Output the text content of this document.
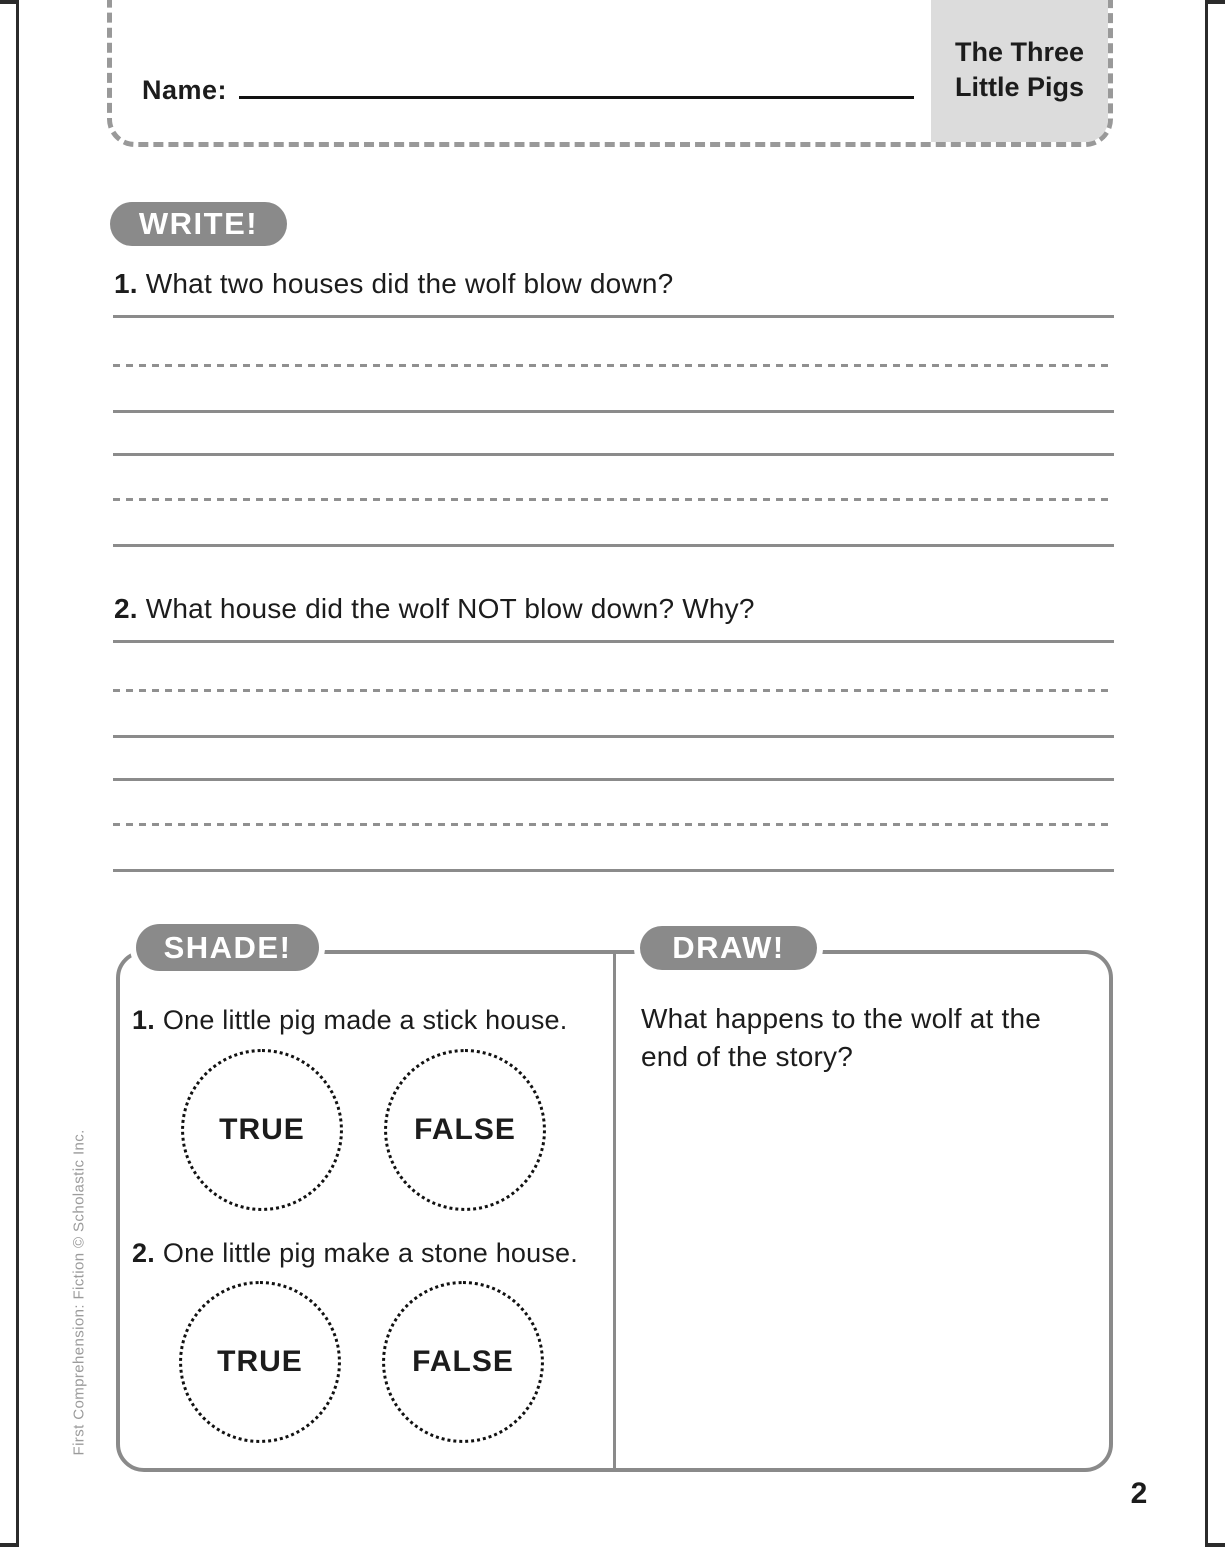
Name:
The Three
Little Pigs
WRITE!
1. What two houses did the wolf blow down?
2. What house did the wolf NOT blow down? Why?
SHADE!	DRAW!
1. One little pig made a stick house.
TRUE	FALSE
2. One little pig make a stone house.
TRUE	FALSE
What happens to the wolf at the end of the story?
First Comprehension: Fiction © Scholastic Inc.
2
